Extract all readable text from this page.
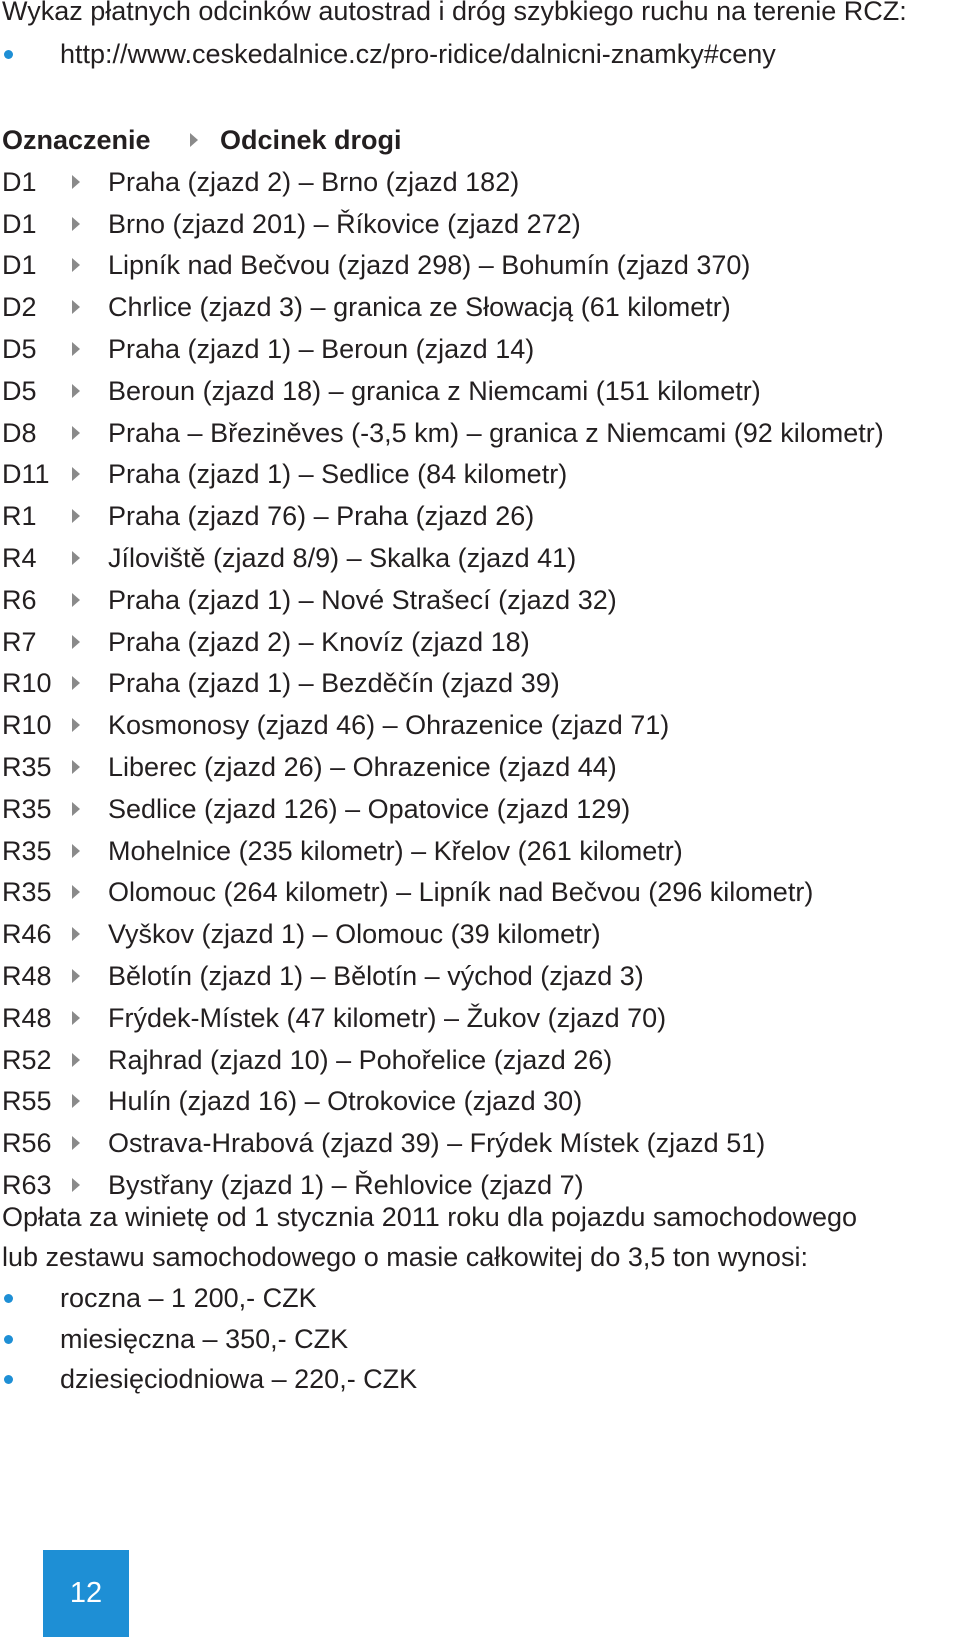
Wykaz płatnych odcinków autostrad i dróg szybkiego ruchu na terenie RCZ:
http://www.ceskedalnice.cz/pro-ridice/dalnicni-znamky#ceny
Oznaczenie	Odcinek drogi
D1	Praha (zjazd 2) – Brno (zjazd 182)
D1	Brno (zjazd 201) – Říkovice (zjazd 272)
D1	Lipník nad Bečvou (zjazd 298) – Bohumín (zjazd 370)
D2	Chrlice (zjazd 3) – granica ze Słowacją (61 kilometr)
D5	Praha (zjazd 1) – Beroun (zjazd 14)
D5	Beroun (zjazd 18) – granica z Niemcami (151 kilometr)
D8	Praha – Březiněves (-3,5 km) – granica z Niemcami (92 kilometr)
D11 Praha (zjazd 1) – Sedlice (84 kilometr)
R1	Praha (zjazd 76) – Praha (zjazd 26)
R4	Jíloviště (zjazd 8/9) – Skalka (zjazd 41)
R6	Praha (zjazd 1) – Nové Strašecí (zjazd 32)
R7	Praha (zjazd 2) – Knovíz (zjazd 18)
R10 Praha (zjazd 1) – Bezděčín (zjazd 39)
R10 Kosmonosy (zjazd 46) – Ohrazenice (zjazd 71)
R35 Liberec (zjazd 26) – Ohrazenice (zjazd 44)
R35 Sedlice (zjazd 126) – Opatovice (zjazd 129)
R35 Mohelnice (235 kilometr) – Křelov (261 kilometr)
R35 Olomouc (264 kilometr) – Lipník nad Bečvou (296 kilometr)
R46 Vyškov (zjazd 1) – Olomouc (39 kilometr)
R48 Bělotín (zjazd 1) – Bělotín – východ (zjazd 3)
R48 Frýdek-Místek (47 kilometr) – Žukov (zjazd 70)
R52 Rajhrad (zjazd 10) – Pohořelice (zjazd 26)
R55 Hulín (zjazd 16) – Otrokovice (zjazd 30)
R56 Ostrava-Hrabová (zjazd 39) – Frýdek Místek (zjazd 51)
R63 Bystřany (zjazd 1) – Řehlovice (zjazd 7)
Opłata za winietę od 1 stycznia 2011 roku dla pojazdu samochodowego
lub zestawu samochodowego o masie całkowitej do 3,5 ton wynosi:
roczna – 1 200,- CZK
miesięczna – 350,- CZK
dziesięciodniowa – 220,- CZK
12
